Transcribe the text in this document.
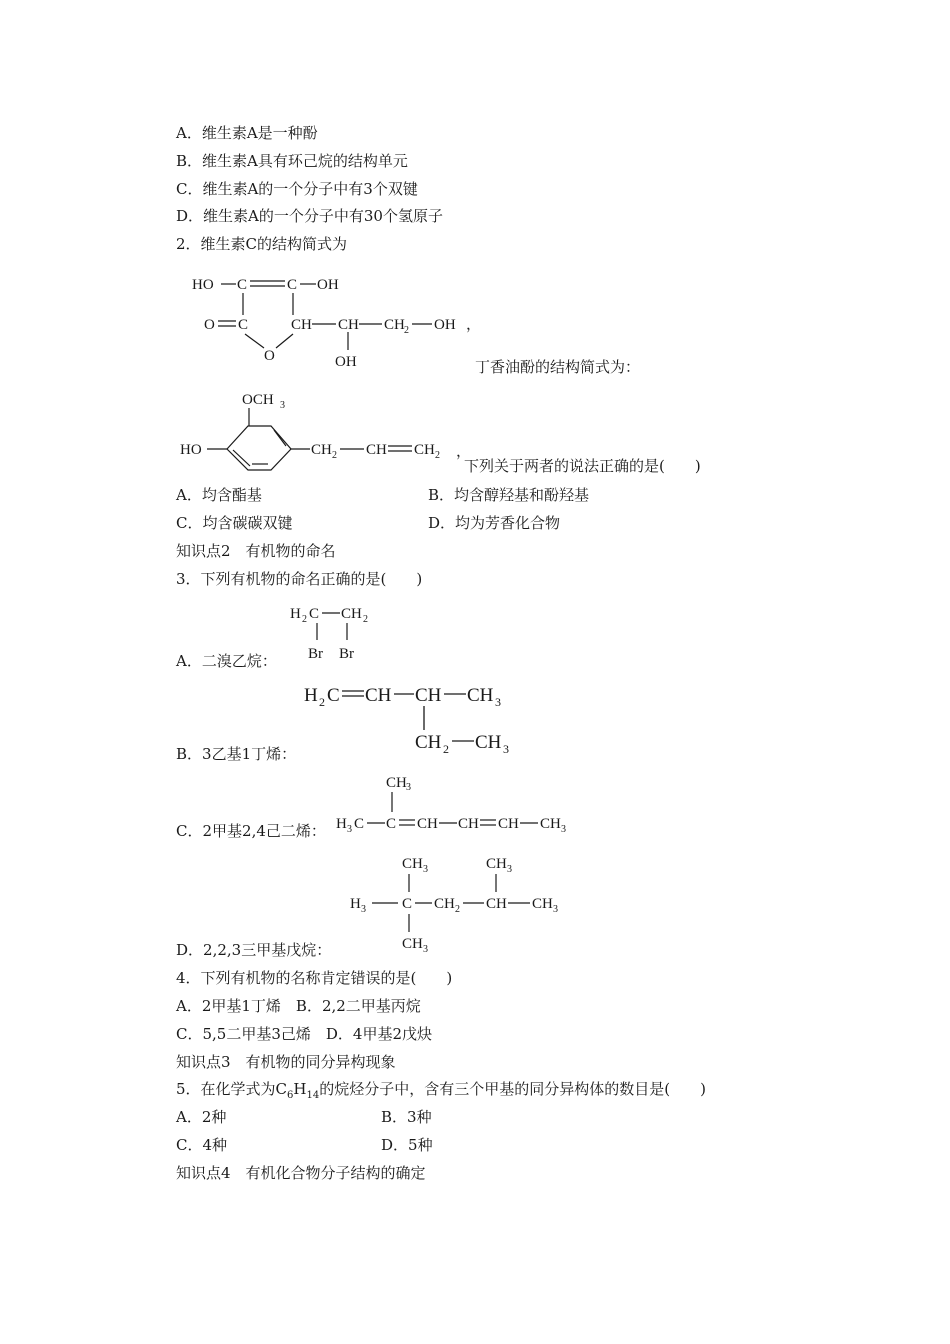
A．维生素A是一种酚
B．维生素A具有环己烷的结构单元
C．维生素A的一个分子中有3个双键
D．维生素A的一个分子中有30个氢原子
2．维生素C的结构简式为
HO C	C OH
O C	CH CH CH 2 OH
O	OH
，
丁香油酚的结构简式为：
OCH 3
HO	CH 2 CH CH 2 ，
下列关于两者的说法正确的是(　　)
A．均含酯基	B．均含醇羟基和酚羟基
C．均含碳碳双键	D．均为芳香化合物
知识点2　有机物的命名
3．下列有机物的命名正确的是(　　)
H 2 C CH 2
Br Br
A．二溴乙烷：
H 2 C CH CH CH 3
CH 2 CH 3
B．3乙基1丁烯：
CH 3
H 3 C C CH CH CH CH 3
C．2甲基2,4己二烯：
CH 3	CH 3
H 3 C CH 2 CH CH 3
CH 3
D．2,2,3三甲基戊烷：
4．下列有机物的名称肯定错误的是(　　)
A．2甲基1丁烯　B．2,2二甲基丙烷
C．5,5二甲基3己烯　D．4甲基2戊炔
知识点3　有机物的同分异构现象
5．在化学式为$C_6H_{14}$的烷烃分子中，含有三个甲基的同分异构体的数目是(　　)
A．2种	B．3种
C．4种	D．5种
知识点4　有机化合物分子结构的确定
